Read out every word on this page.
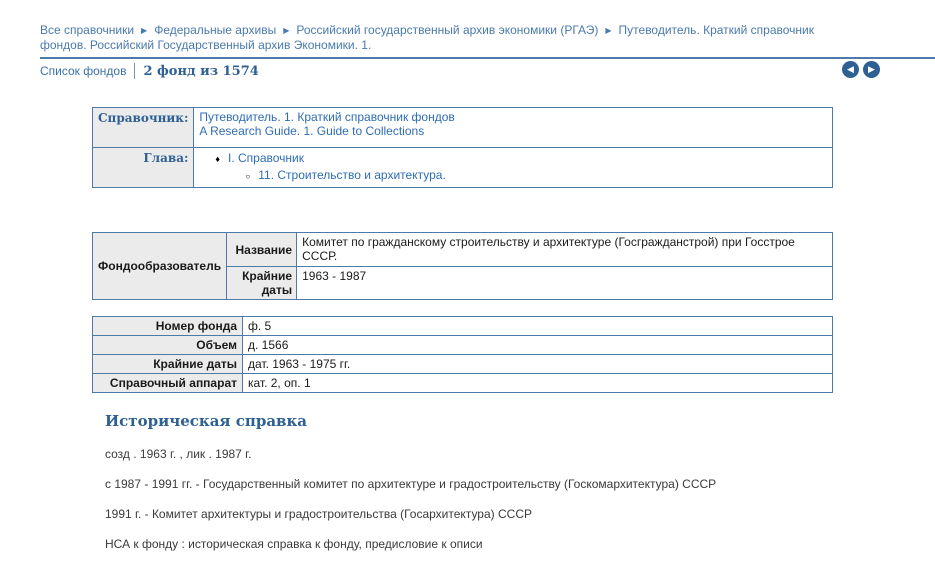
Все справочники ▶ Федеральные архивы ▶ Российский государственный архив экономики (РГАЭ) ▶ Путеводитель. Краткий справочник фондов. Российский Государственный архив Экономики. 1.
Список фондов 2 фонд из 1574	◀	▶
Справочник:	Путеводитель. 1. Краткий справочник фондов
A Research Guide. 1. Guide to Collections
Глава:	♦ I. Справочник
○ 11. Строительство и архитектура.
Фондообразователь	Название	Комитет по гражданскому строительству и архитектуре (Госгражданстрой) при Госстрое СССР.
	Крайние даты	1963 - 1987
Номер фонда	ф. 5
Объем	д. 1566
Крайние даты	дат. 1963 - 1975 гг.
Справочный аппарат	кат. 2, оп. 1
Историческая справка

созд . 1963 г. , лик . 1987 г.

с 1987 - 1991 гг. - Государственный комитет по архитектуре и градостроительству (Госкомархитектура) СССР

1991 г. - Комитет архитектуры и градостроительства (Госархитектура) СССР

НСА к фонду : историческая справка к фонду, предисловие к описи
